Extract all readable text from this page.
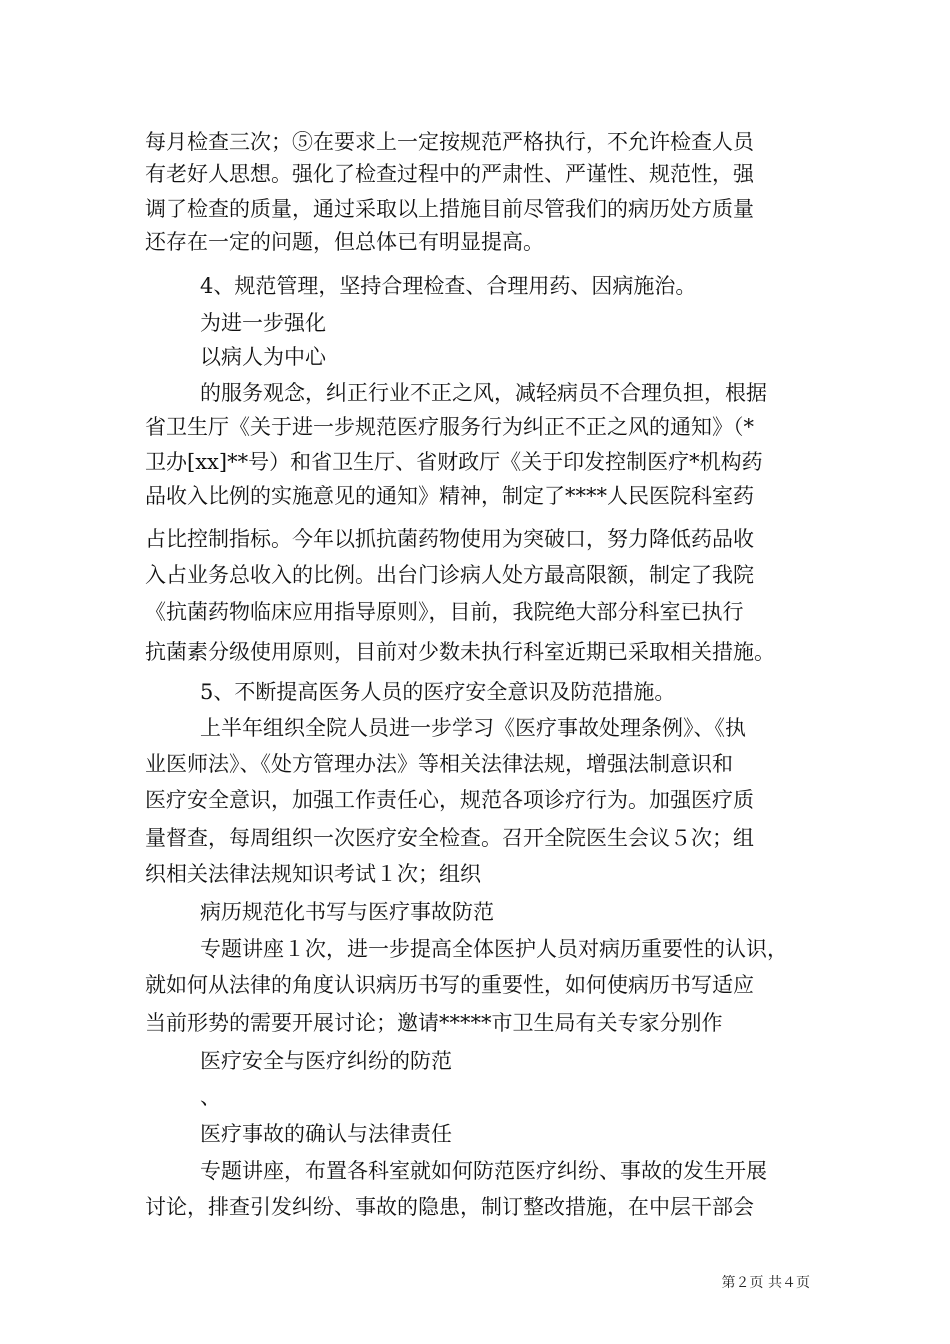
每月检查三次；⑤在要求上一定按规范严格执行，不允许检查人员
有老好人思想。强化了检查过程中的严肃性、严谨性、规范性，强
调了检查的质量，通过采取以上措施目前尽管我们的病历处方质量
还存在一定的问题，但总体已有明显提高。
4、规范管理，坚持合理检查、合理用药、因病施治。
为进一步强化
以病人为中心
的服务观念，纠正行业不正之风，减轻病员不合理负担，根据
省卫生厅《关于进一步规范医疗服务行为纠正不正之风的通知》（*
卫办[xx]**号）和省卫生厅、省财政厅《关于印发控制医疗*机构药
品收入比例的实施意见的通知》精神，制定了****人民医院科室药
占比控制指标。今年以抓抗菌药物使用为突破口，努力降低药品收
入占业务总收入的比例。出台门诊病人处方最高限额，制定了我院
《抗菌药物临床应用指导原则》，目前，我院绝大部分科室已执行
抗菌素分级使用原则，目前对少数未执行科室近期已采取相关措施。
5、不断提高医务人员的医疗安全意识及防范措施。
上半年组织全院人员进一步学习《医疗事故处理条例》、《执
业医师法》、《处方管理办法》等相关法律法规，增强法制意识和
医疗安全意识，加强工作责任心，规范各项诊疗行为。加强医疗质
量督查，每周组织一次医疗安全检查。召开全院医生会议５次；组
织相关法律法规知识考试１次；组织
病历规范化书写与医疗事故防范
专题讲座１次，进一步提高全体医护人员对病历重要性的认识，
就如何从法律的角度认识病历书写的重要性，如何使病历书写适应
当前形势的需要开展讨论；邀请*****市卫生局有关专家分别作
医疗安全与医疗纠纷的防范
、
医疗事故的确认与法律责任
专题讲座，布置各科室就如何防范医疗纠纷、事故的发生开展
讨论，排查引发纠纷、事故的隐患，制订整改措施，在中层干部会
第２页 共４页
